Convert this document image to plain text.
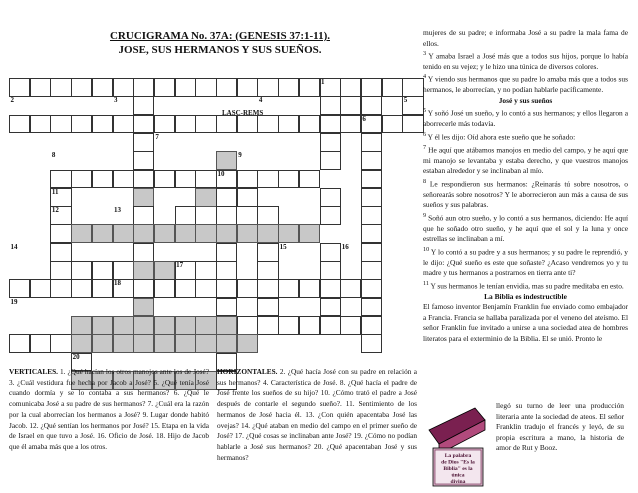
CRUCIGRAMA No. 37A: (GENESIS 37:1-11).
JOSE, SUS HERMANOS Y SUS SUEÑOS.
1
2	3	4	5
6
7
8	9
10
11
12	13
14	15	16
17
18
19
20
LASC-REMS
VERTICALES. 1. ¿Qué hacían los otros manojos ante los de José? 3. ¿Cuál vestidura fue hecha por Jacob a José? 5. ¿Qué tenía José cuando dormía y se lo contaba a sus hermanos? 6. ¿Qué le comunicaba José a su padre de sus hermanos? 7. ¿Cuál era la razón por la cual aborrecían los hermanos a José? 9. Lugar donde habitó Jacob. 12. ¿Qué sentían los hermanos por José? 15. Etapa en la vida de Israel en que tuvo a José. 16. Oficio de José. 18. Hijo de Jacob que él amaba más que a los otros.
HORIZONTALES. 2. ¿Qué hacía José con su padre en relación a sus hermanos? 4. Característica de José. 8. ¿Qué hacía el padre de José frente los sueños de su hijo? 10. ¿Cómo trató el padre a José después de contarle el segundo sueño?. 11. Sentimiento de los hermanos de José hacia él. 13. ¿Con quién apacentaba José las ovejas? 14. ¿Qué ataban en medio del campo en el primer sueño de José? 17. ¿Qué cosas se inclinaban ante José? 19. ¿Cómo no podían hablarle a José sus hermanos? 20. ¿Qué apacentaban José y sus hermanos?

mujeres de su padre; e informaba José a su padre la mala fama de ellos.

$^3$ Y amaba Israel a José más que a todos sus hijos, porque lo había tenido en su vejez; y le hizo una túnica de diversos colores.

$^4$ Y viendo sus hermanos que su padre lo amaba más que a todos sus hermanos, le aborrecían, y no podían hablarle pacíficamente.

José y sus sueños

$^5$ Y soñó José un sueño, y lo contó a sus hermanos; y ellos llegaron a aborrecerle más todavía.

$^6$ Y él les dijo: Oíd ahora este sueño que he soñado:

$^7$ He aquí que atábamos manojos en medio del campo, y he aquí que mi manojo se levantaba y estaba derecho, y que vuestros manojos estaban alrededor y se inclinaban al mío.

$^8$ Le respondieron sus hermanos: ¿Reinarás tú sobre nosotros, o señorearás sobre nosotros? Y le aborrecieron aun más a causa de sus sueños y sus palabras.

$^9$ Soñó aun otro sueño, y lo contó a sus hermanos, diciendo: He aquí que he soñado otro sueño, y he aquí que el sol y la luna y once estrellas se inclinaban a mí.

$^{10}$ Y lo contó a su padre y a sus hermanos; y su padre le reprendió, y le dijo: ¿Qué sueño es este que soñaste? ¿Acaso vendremos yo y tu madre y tus hermanos a postrarnos en tierra ante ti?

$^{11}$ Y sus hermanos le tenían envidia, mas su padre meditaba en esto.

La Biblia es indestructible

El famoso inventor Benjamín Franklin fue enviado como embajador a Francia. Francia se hallaba paralizada por el veneno del ateísmo. El señor Franklin fue invitado a unirse a una sociedad atea de hombres literatos para el exterminio de la Biblia. El se unió. Pronto le

La palabra
de Dios "Es la
Biblia" es la
única
divina
llegó su turno de leer una producción literaria ante la sociedad de ateos. El señor Franklin tradujo el francés y leyó, de su propia escritura a mano, la historia de amor de Rut y Booz.
